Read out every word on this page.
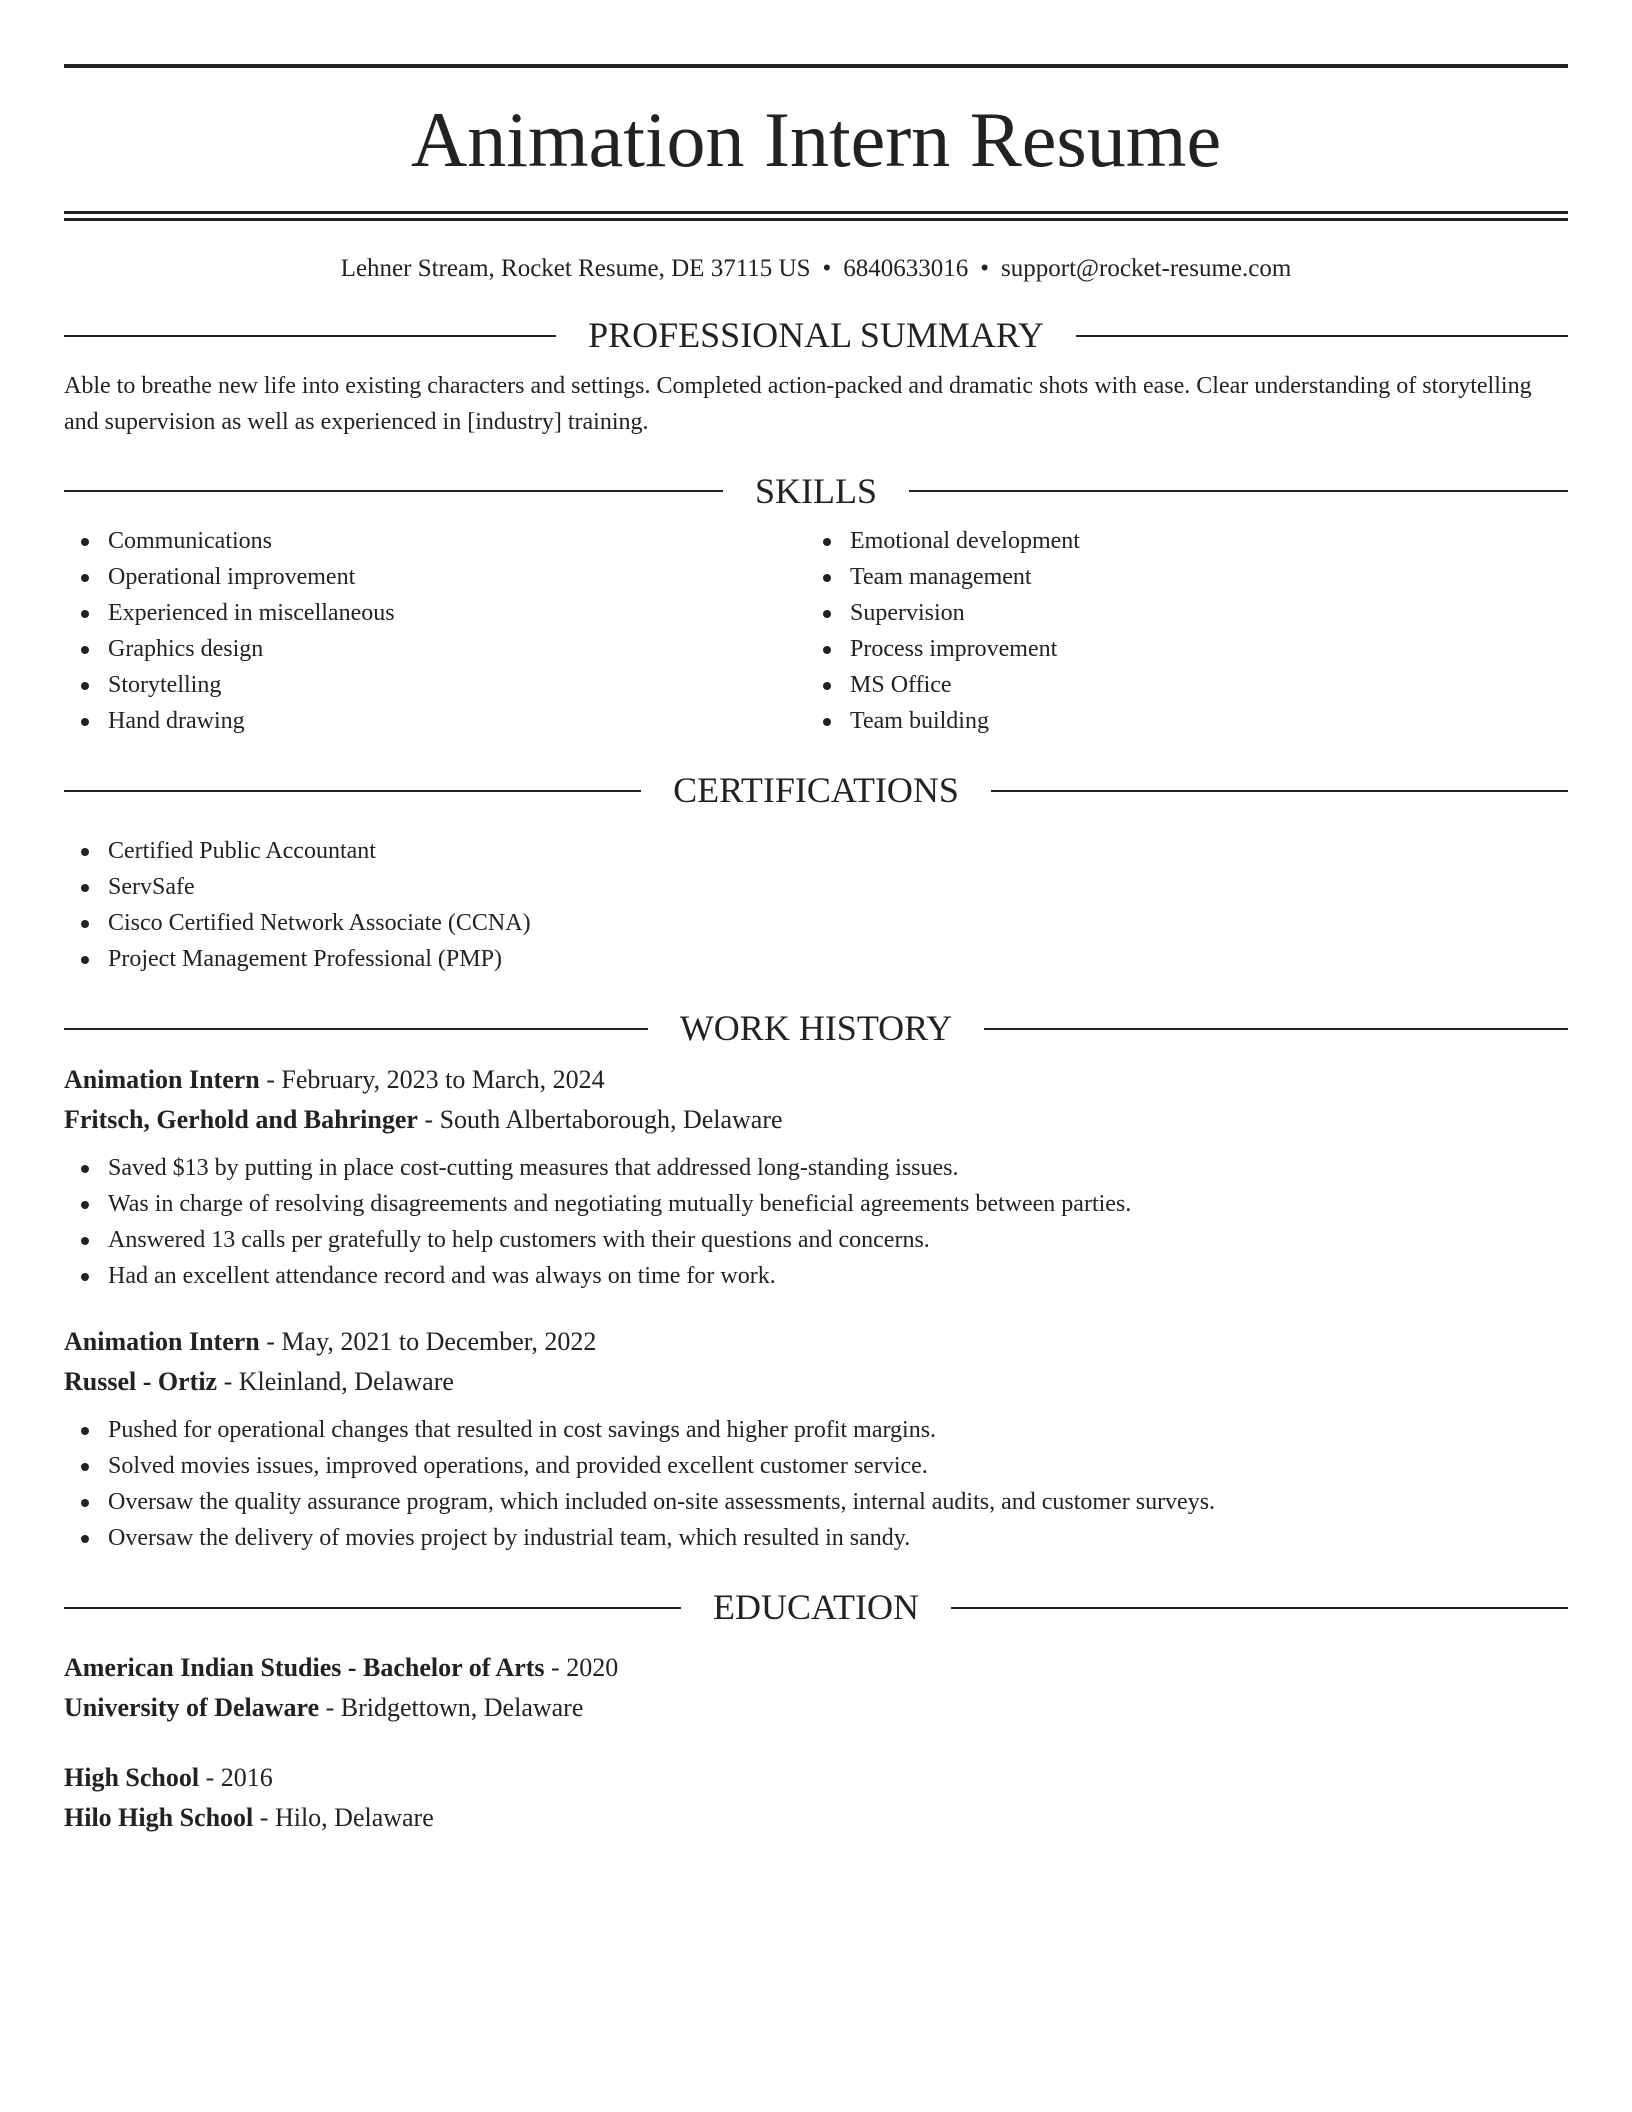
Animation Intern Resume
Lehner Stream, Rocket Resume, DE 37115 US • 6840633016 • support@rocket-resume.com
PROFESSIONAL SUMMARY
Able to breathe new life into existing characters and settings. Completed action-packed and dramatic shots with ease. Clear understanding of storytelling and supervision as well as experienced in [industry] training.
SKILLS
Communications
Operational improvement
Experienced in miscellaneous
Graphics design
Storytelling
Hand drawing
Emotional development
Team management
Supervision
Process improvement
MS Office
Team building
CERTIFICATIONS
Certified Public Accountant
ServSafe
Cisco Certified Network Associate (CCNA)
Project Management Professional (PMP)
WORK HISTORY
Animation Intern - February, 2023 to March, 2024
Fritsch, Gerhold and Bahringer - South Albertaborough, Delaware
Saved $13 by putting in place cost-cutting measures that addressed long-standing issues.
Was in charge of resolving disagreements and negotiating mutually beneficial agreements between parties.
Answered 13 calls per gratefully to help customers with their questions and concerns.
Had an excellent attendance record and was always on time for work.
Animation Intern - May, 2021 to December, 2022
Russel - Ortiz - Kleinland, Delaware
Pushed for operational changes that resulted in cost savings and higher profit margins.
Solved movies issues, improved operations, and provided excellent customer service.
Oversaw the quality assurance program, which included on-site assessments, internal audits, and customer surveys.
Oversaw the delivery of movies project by industrial team, which resulted in sandy.
EDUCATION
American Indian Studies - Bachelor of Arts - 2020
University of Delaware - Bridgettown, Delaware
High School - 2016
Hilo High School - Hilo, Delaware
